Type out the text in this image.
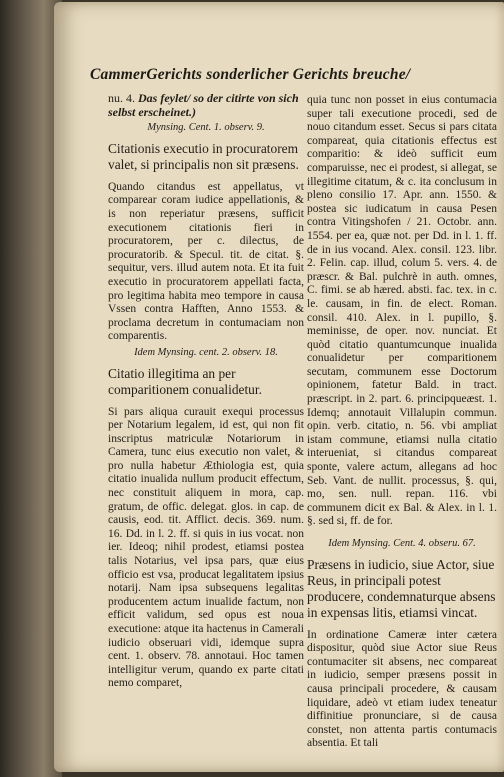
CammerGerichts sonderlicher Gerichts breuche/

nu. 4. Das feylet/ so der citirte von sich selbst erscheinet.)

Mynsing. Cent. 1. observ. 9.

Citationis executio in procuratorem valet, si principalis non sit præsens.

Quando citandus est appellatus, vt comparear coram iudice appellationis, & is non reperiatur præsens, sufficit executionem citationis fieri in procuratorem, per c. dilectus, de procuratorib. & Specul. tit. de citat. §. sequitur, vers. illud autem nota. Et ita fuit executio in procuratorem appellati facta, pro legitima habita meo tempore in causa Vssen contra Hafften, Anno 1553. & proclama decretum in contumaciam non comparentis.

Idem Mynsing. cent. 2. observ. 18.

Citatio illegitima an per comparitionem conualidetur.

Si pars aliqua curauit exequi processus per Notarium legalem, id est, qui non fit inscriptus matriculæ Notariorum in Camera, tunc eius executio non valet, & pro nulla habetur Æthiologia est, quia citatio inualida nullum producit effectum, nec constituit aliquem in mora, cap. gratum, de offic. delegat. glos. in cap. de causis, eod. tit. Afflict. decis. 369. num. 16. Dd. in l. 2. ff. si quis in ius vocat. non ier. Ideoq; nihil prodest, etiamsi postea talis Notarius, vel ipsa pars, quæ eius officio est vsa, producat legalitatem ipsius notarij. Nam ipsa subsequens legalitas producentem actum inualide factum, non efficit validum, sed opus est noua executione: atque ita hactenus in Camerali iudicio obseruari vidi, idemque supra cent. 1. observ. 78. annotaui. Hoc tamen intelligitur verum, quando ex parte citati nemo comparet,

quia tunc non posset in eius contumacia super tali executione procedi, sed de nouo citandum esset. Secus si pars citata compareat, quia citationis effectus est comparitio: & ideò sufficit eum comparuisse, nec ei prodest, si allegat, se illegitime citatum, & c. ita conclusum in pleno consilio 17. Apr. ann. 1550. & postea sic iudicatum in causa Pesen contra Vitingshofen / 21. Octobr. ann. 1554. per ea, quæ not. per Dd. in l. 1. ff. de in ius vocand. Alex. consil. 123. libr. 2. Felin. cap. illud, colum 5. vers. 4. de præscr. & Bal. pulchrè in auth. omnes, C. fimi. se ab hæred. absti. fac. tex. in c. le. causam, in fin. de elect. Roman. consil. 410. Alex. in l. pupillo, §. meminisse, de oper. nov. nunciat. Et quòd citatio quantumcunque inualida conualidetur per comparitionem secutam, communem esse Doctorum opinionem, fatetur Bald. in tract. præscript. in 2. part. 6. principqueæst. 1. Idemq; annotauit Villalupin commun. opin. verb. citatio, n. 56. vbi ampliat istam commune, etiamsi nulla citatio interueniat, si citandus compareat sponte, valere actum, allegans ad hoc Seb. Vant. de nullit. processus, §. qui, mo, sen. null. repan. 116. vbi communem dicit ex Bal. & Alex. in l. 1. §. sed si, ff. de for.

Idem Mynsing. Cent. 4. obseru. 67.

Præsens in iudicio, siue Actor, siue Reus, in principali potest producere, condemnaturque absens in expensas litis, etiamsi vincat.

In ordinatione Cameræ inter cætera dispositur, quòd siue Actor siue Reus contumaciter sit absens, nec compareat in iudicio, semper præsens possit in causa principali procedere, & causam liquidare, adeò vt etiam iudex teneatur diffinitiue pronunciare, si de causa constet, non attenta partis contumacis absentia. Et tali
